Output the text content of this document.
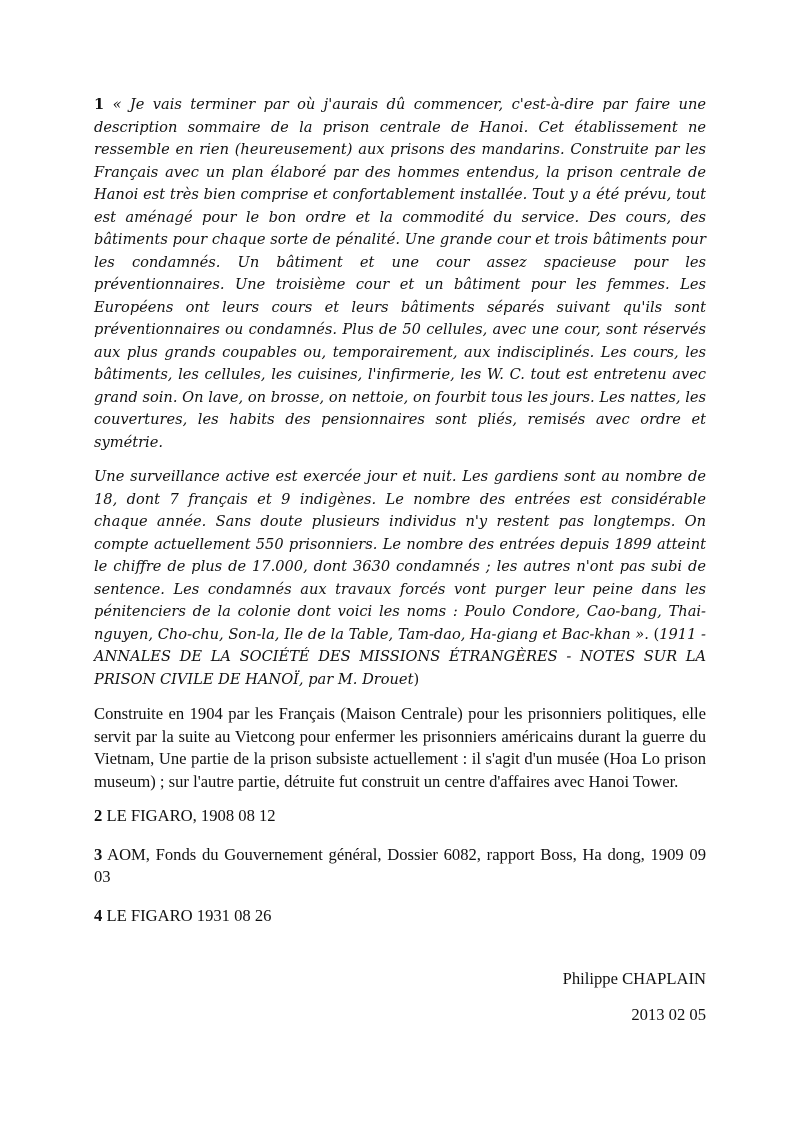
1 « Je vais terminer par où j'aurais dû commencer, c'est-à-dire par faire une description sommaire de la prison centrale de Hanoi. Cet établissement ne ressemble en rien (heureusement) aux prisons des mandarins. Construite par les Français avec un plan élaboré par des hommes entendus, la prison centrale de Hanoi est très bien comprise et confortablement installée. Tout y a été prévu, tout est aménagé pour le bon ordre et la commodité du service. Des cours, des bâtiments pour chaque sorte de pénalité. Une grande cour et trois bâtiments pour les condamnés. Un bâtiment et une cour assez spacieuse pour les préventionnaires. Une troisième cour et un bâtiment pour les femmes. Les Européens ont leurs cours et leurs bâtiments séparés suivant qu'ils sont préventionnaires ou condamnés. Plus de 50 cellules, avec une cour, sont réservés aux plus grands coupables ou, temporairement, aux indisciplinés. Les cours, les bâtiments, les cellules, les cuisines, l'infirmerie, les W. C. tout est entretenu avec grand soin. On lave, on brosse, on nettoie, on fourbit tous les jours. Les nattes, les couvertures, les habits des pensionnaires sont pliés, remisés avec ordre et symétrie.

Une surveillance active est exercée jour et nuit. Les gardiens sont au nombre de 18, dont 7 français et 9 indigènes. Le nombre des entrées est considérable chaque année. Sans doute plusieurs individus n'y restent pas longtemps. On compte actuellement 550 prisonniers. Le nombre des entrées depuis 1899 atteint le chiffre de plus de 17.000, dont 3630 condamnés ; les autres n'ont pas subi de sentence. Les condamnés aux travaux forcés vont purger leur peine dans les pénitenciers de la colonie dont voici les noms : Poulo Condore, Cao-bang, Thai-nguyen, Cho-chu, Son-la, Ile de la Table, Tam-dao, Ha-giang et Bac-khan ». (1911 - ANNALES DE LA SOCIÉTÉ DES MISSIONS ÉTRANGÈRES - NOTES SUR LA PRISON CIVILE DE HANOÏ, par M. Drouet)

Construite en 1904 par les Français (Maison Centrale) pour les prisonniers politiques, elle servit par la suite au Vietcong pour enfermer les prisonniers américains durant la guerre du Vietnam, Une partie de la prison subsiste actuellement : il s'agit d'un musée (Hoa Lo prison museum) ; sur l'autre partie, détruite fut construit un centre d'affaires avec Hanoi Tower.

2 LE FIGARO, 1908 08 12

3 AOM, Fonds du Gouvernement général, Dossier 6082, rapport Boss, Ha dong, 1909 09 03

4 LE FIGARO 1931 08 26

Philippe CHAPLAIN
2013 02 05
